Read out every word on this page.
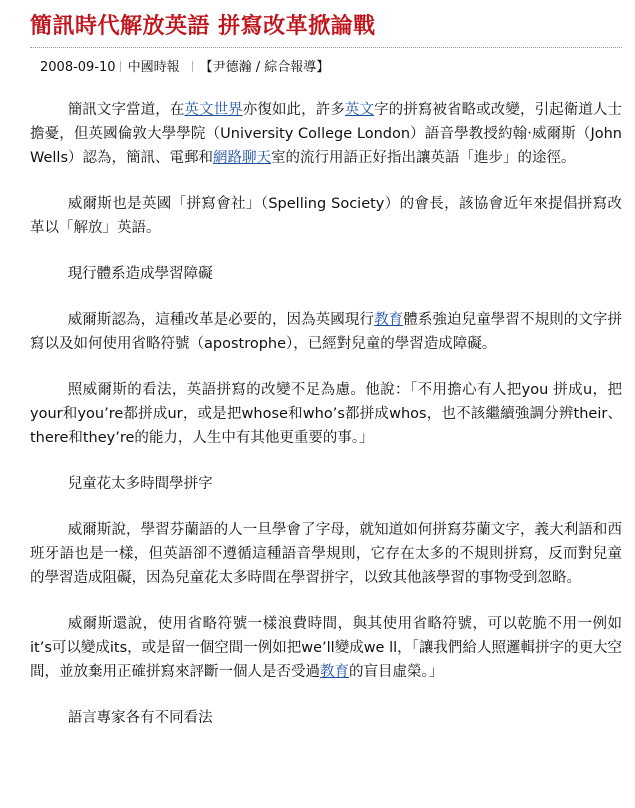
簡訊時代解放英語 拼寫改革掀論戰
2008-09-10 中國時報 【尹德瀚 / 綜合報導】

簡訊文字當道，在英文世界亦復如此，許多英文字的拼寫被省略或改變，引起衛道人士擔憂，但英國倫敦大學學院（University College London）語音學教授約翰‧威爾斯（John Wells）認為，簡訊、電郵和網路聊天室的流行用語正好指出讓英語「進步」的途徑。

威爾斯也是英國「拼寫會社」（Spelling Society）的會長，該協會近年來提倡拼寫改革以「解放」英語。

現行體系造成學習障礙

威爾斯認為，這種改革是必要的，因為英國現行教育體系強迫兒童學習不規則的文字拼寫以及如何使用省略符號（apostrophe），已經對兒童的學習造成障礙。

照威爾斯的看法，英語拼寫的改變不足為慮。他說：「不用擔心有人把you 拼成u，把your和you’re都拼成ur，或是把whose和who’s都拼成whos，也不該繼續強調分辨their、there和they’re的能力，人生中有其他更重要的事。」

兒童花太多時間學拼字

威爾斯說，學習芬蘭語的人一旦學會了字母，就知道如何拼寫芬蘭文字，義大利語和西班牙語也是一樣，但英語卻不遵循這種語音學規則，它存在太多的不規則拼寫，反而對兒童的學習造成阻礙，因為兒童花太多時間在學習拼字，以致其他該學習的事物受到忽略。

威爾斯還說，使用省略符號一樣浪費時間，與其使用省略符號，可以乾脆不用一例如it’s可以變成its，或是留一個空間一例如把we’ll變成we ll，「讓我們給人照邏輯拼字的更大空間，並放棄用正確拼寫來評斷一個人是否受過教育的盲目虛榮。」

語言專家各有不同看法
